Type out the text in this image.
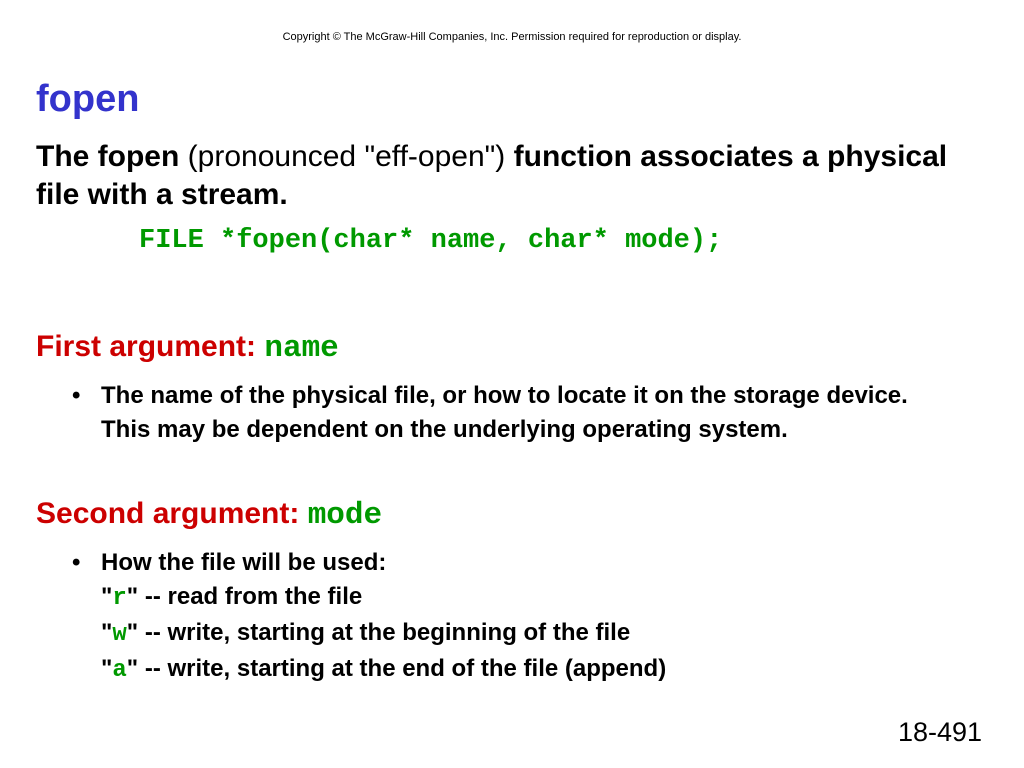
Copyright © The McGraw-Hill Companies, Inc. Permission required for reproduction or display.
fopen
The fopen (pronounced "eff-open") function associates a physical file with a stream.
FILE *fopen(char* name, char* mode);
First argument: name
• The name of the physical file, or how to locate it on the storage device. This may be dependent on the underlying operating system.
Second argument: mode
• How the file will be used:
"r" -- read from the file
"w" -- write, starting at the beginning of the file
"a" -- write, starting at the end of the file (append)
18-491
